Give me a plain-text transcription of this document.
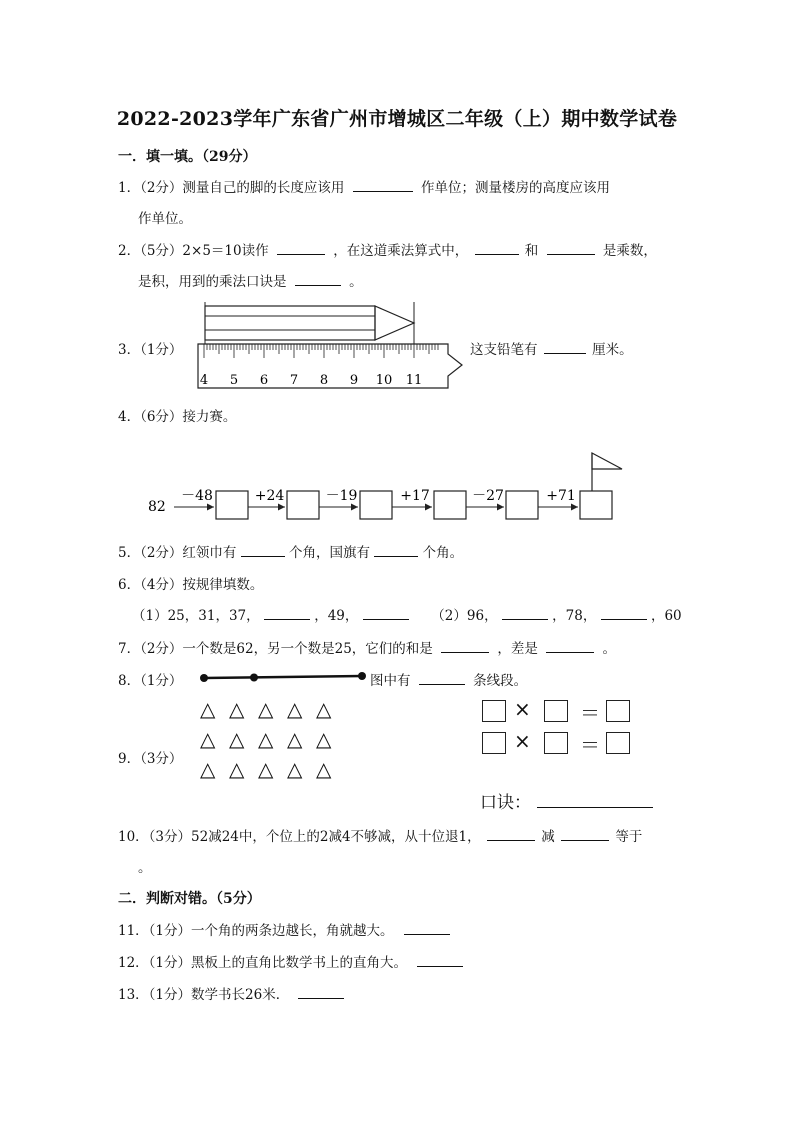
2022-2023学年广东省广州市增城区二年级（上）期中数学试卷
一．填一填。（29分）
1．（2分）测量自己的脚的长度应该用	作单位；测量楼房的高度应该用
作单位。
2．（5分）2×5＝10读作	，在这道乘法算式中，	和	是乘数，
是积，用到的乘法口诀是	。
3．（1分）
4 5 6 7 8 9 10 11
这支铅笔有	厘米。
4．（6分）接力赛。
82
－48	+24	－19	+17	－27	+71
5．（2分）红领巾有	个角，国旗有	个角。
6．（4分）按规律填数。
（1）25，31，37，	，49，	（2）96，	，78，	，60
7．（2分）一个数是62，另一个数是25，它们的和是	，差是	。
8．（1分）	图中有	条线段。
9．（3分）
△ △ △ △ △
△ △ △ △ △
△ △ △ △ △
× ＝
× ＝
口诀：
10．（3分）52减24中，个位上的2减4不够减，从十位退1，	减	等于
。
二．判断对错。（5分）
11．（1分）一个角的两条边越长，角就越大。
12．（1分）黑板上的直角比数学书上的直角大。
13．（1分）数学书长26米．
